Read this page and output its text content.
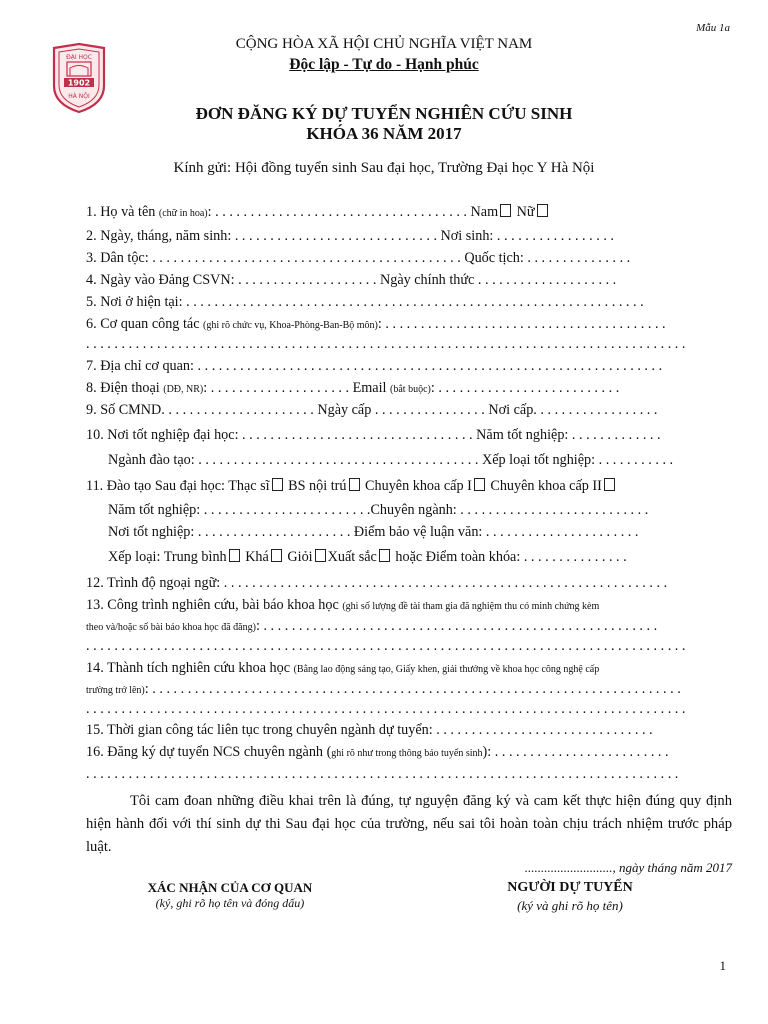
ĐẠI HỌC
1902
HÀ NỘI
Mẫu 1a
CỘNG HÒA XÃ HỘI CHỦ NGHĨA VIỆT NAM
Độc lập - Tự do - Hạnh phúc
ĐƠN ĐĂNG KÝ DỰ TUYỂN NGHIÊN CỨU SINH
KHÓA 36 NĂM 2017
Kính gửi: Hội đồng tuyển sinh Sau đại học, Trường Đại học Y Hà Nội
1. Họ và tên (chữ in hoa): . . . . . . . . . . . . . . . . . . . . . . . . . . . . . . . . . . . . Nam Nữ
2. Ngày, tháng, năm sinh: . . . . . . . . . . . . . . . . . . . . . . . . . . . . . Nơi sinh: . . . . . . . . . . . . . . . . .
3. Dân tộc: . . . . . . . . . . . . . . . . . . . . . . . . . . . . . . . . . . . . . . . . . . . . Quốc tịch: . . . . . . . . . . . . . . .
4. Ngày vào Đảng CSVN: . . . . . . . . . . . . . . . . . . . . Ngày chính thức . . . . . . . . . . . . . . . . . . . .
5. Nơi ở hiện tại: . . . . . . . . . . . . . . . . . . . . . . . . . . . . . . . . . . . . . . . . . . . . . . . . . . . . . . . . . . . . . . . . .
6. Cơ quan công tác (ghi rõ chức vụ, Khoa-Phòng-Ban-Bộ môn): . . . . . . . . . . . . . . . . . . . . . . . . . . . . . . . . . . . . . . . .
. . . . . . . . . . . . . . . . . . . . . . . . . . . . . . . . . . . . . . . . . . . . . . . . . . . . . . . . . . . . . . . . . . . . . . . . . . . . . . . . . . . . .
7. Địa chỉ cơ quan: . . . . . . . . . . . . . . . . . . . . . . . . . . . . . . . . . . . . . . . . . . . . . . . . . . . . . . . . . . . . . . . . . .
8. Điện thoại (DĐ, NR): . . . . . . . . . . . . . . . . . . . . Email (bắt buộc): . . . . . . . . . . . . . . . . . . . . . . . . . .
9. Số CMND. . . . . . . . . . . . . . . . . . . . . . Ngày cấp . . . . . . . . . . . . . . . . Nơi cấp. . . . . . . . . . . . . . . . . .
10. Nơi tốt nghiệp đại học: . . . . . . . . . . . . . . . . . . . . . . . . . . . . . . . . . Năm tốt nghiệp: . . . . . . . . . . . . .
Ngành đào tạo: . . . . . . . . . . . . . . . . . . . . . . . . . . . . . . . . . . . . . . . . Xếp loại tốt nghiệp: . . . . . . . . . . .
11. Đào tạo Sau đại học: Thạc sĩ BS nội trú Chuyên khoa cấp I Chuyên khoa cấp II
Năm tốt nghiệp: . . . . . . . . . . . . . . . . . . . . . . . .Chuyên ngành: . . . . . . . . . . . . . . . . . . . . . . . . . . .
Nơi tốt nghiệp: . . . . . . . . . . . . . . . . . . . . . . Điểm bảo vệ luận văn: . . . . . . . . . . . . . . . . . . . . . .
Xếp loại: Trung bình Khá Giỏi Xuất sắc hoặc Điểm toàn khóa: . . . . . . . . . . . . . . .
12. Trình độ ngoại ngữ: . . . . . . . . . . . . . . . . . . . . . . . . . . . . . . . . . . . . . . . . . . . . . . . . . . . . . . . . . . . . . . .
13. Công trình nghiên cứu, bài báo khoa học (ghi số lượng đề tài tham gia đã nghiệm thu có minh chứng kèm
theo và/hoặc số bài báo khoa học đã đăng): . . . . . . . . . . . . . . . . . . . . . . . . . . . . . . . . . . . . . . . . . . . . . . . . . . . . . . . .
. . . . . . . . . . . . . . . . . . . . . . . . . . . . . . . . . . . . . . . . . . . . . . . . . . . . . . . . . . . . . . . . . . . . . . . . . . . . . . . . . . . . .
14. Thành tích nghiên cứu khoa học (Bằng lao động sáng tạo, Giấy khen, giải thưởng về khoa học công nghệ cấp
trường trở lên): . . . . . . . . . . . . . . . . . . . . . . . . . . . . . . . . . . . . . . . . . . . . . . . . . . . . . . . . . . . . . . . . . . . . . . . . . . .
. . . . . . . . . . . . . . . . . . . . . . . . . . . . . . . . . . . . . . . . . . . . . . . . . . . . . . . . . . . . . . . . . . . . . . . . . . . . . . . . . . . . .
15. Thời gian công tác liên tục trong chuyên ngành dự tuyển: . . . . . . . . . . . . . . . . . . . . . . . . . . . . . . .
16. Đăng ký dự tuyển NCS chuyên ngành (ghi rõ như trong thông báo tuyển sinh): . . . . . . . . . . . . . . . . . . . . . . . . .
. . . . . . . . . . . . . . . . . . . . . . . . . . . . . . . . . . . . . . . . . . . . . . . . . . . . . . . . . . . . . . . . . . . . . . . . . . . . . . . . . . . .
Tôi cam đoan những điều khai trên là đúng, tự nguyện đăng ký và cam kết thực hiện đúng quy định hiện hành đối với thí sinh dự thi Sau đại học của trường, nếu sai tôi hoàn toàn chịu trách nhiệm trước pháp luật.
..........................., ngày tháng năm 2017
XÁC NHẬN CỦA CƠ QUAN
(ký, ghi rõ họ tên và đóng dấu)
NGƯỜI DỰ TUYỂN
(ký và ghi rõ họ tên)
1
